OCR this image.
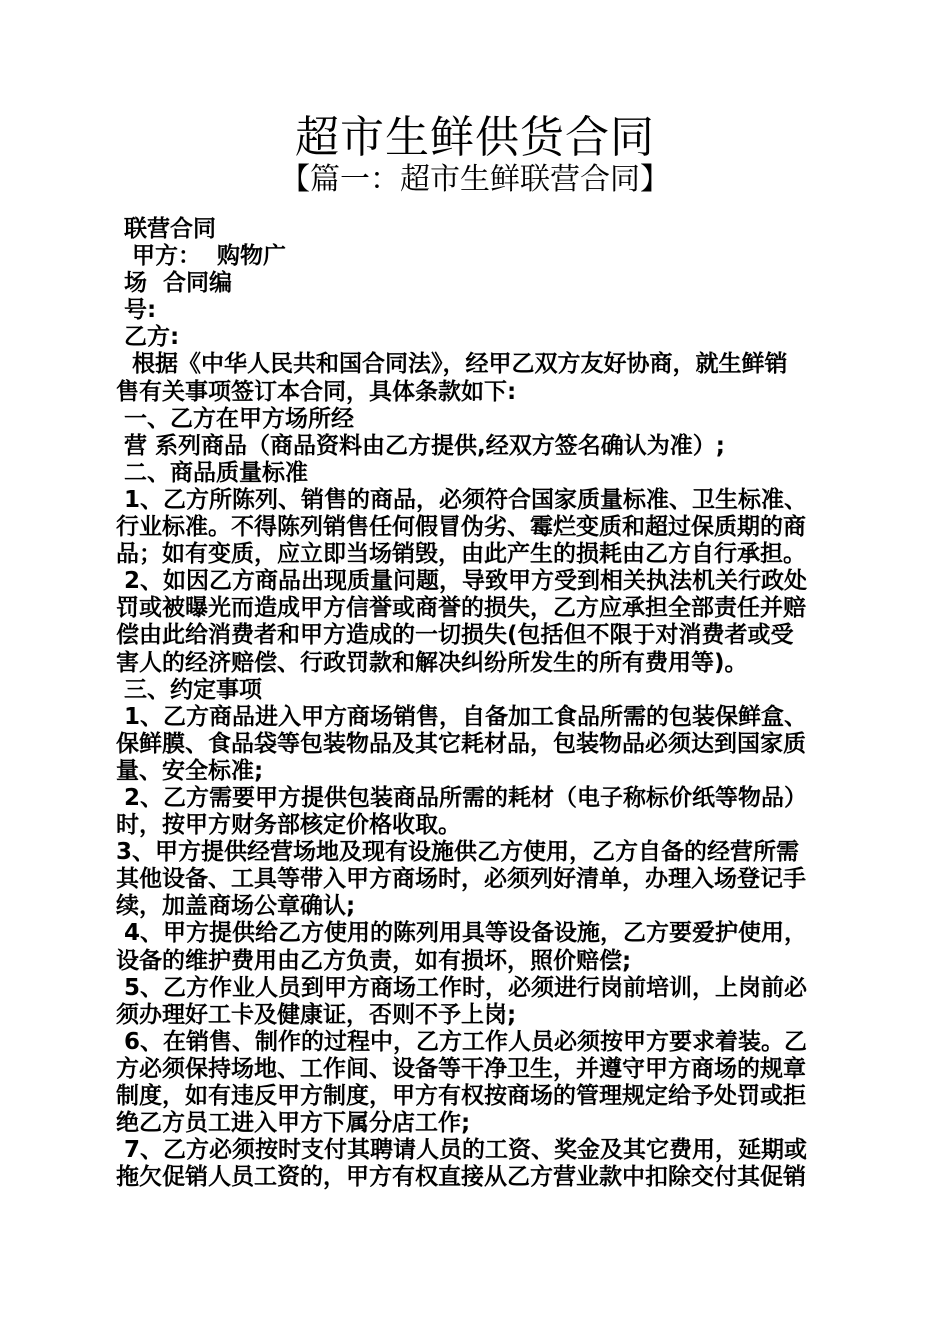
超市生鲜供货合同
【篇一：超市生鲜联营合同】
联营合同
甲方：  购物广
场  合同编
号:
乙方:
根据《中华人民共和国合同法》，经甲乙双方友好协商，就生鲜销
售有关事项签订本合同，具体条款如下:
一、乙方在甲方场所经
营 系列商品（商品资料由乙方提供,经双方签名确认为准）;
二、商品质量标准
1、乙方所陈列、销售的商品，必须符合国家质量标准、卫生标准、
行业标准。不得陈列销售任何假冒伪劣、霉烂变质和超过保质期的商
品；如有变质，应立即当场销毁，由此产生的损耗由乙方自行承担。
2、如因乙方商品出现质量问题，导致甲方受到相关执法机关行政处
罚或被曝光而造成甲方信誉或商誉的损失，乙方应承担全部责任并赔
偿由此给消费者和甲方造成的一切损失(包括但不限于对消费者或受
害人的经济赔偿、行政罚款和解决纠纷所发生的所有费用等)。
三、约定事项
1、乙方商品进入甲方商场销售，自备加工食品所需的包装保鲜盒、
保鲜膜、食品袋等包装物品及其它耗材品，包装物品必须达到国家质
量、安全标准;
2、乙方需要甲方提供包装商品所需的耗材（电子称标价纸等物品）
时，按甲方财务部核定价格收取。
3、甲方提供经营场地及现有设施供乙方使用，乙方自备的经营所需
其他设备、工具等带入甲方商场时，必须列好清单，办理入场登记手
续，加盖商场公章确认;
4、甲方提供给乙方使用的陈列用具等设备设施，乙方要爱护使用，
设备的维护费用由乙方负责，如有损坏，照价赔偿;
5、乙方作业人员到甲方商场工作时，必须进行岗前培训，上岗前必
须办理好工卡及健康证，否则不予上岗;
6、在销售、制作的过程中，乙方工作人员必须按甲方要求着装。乙
方必须保持场地、工作间、设备等干净卫生，并遵守甲方商场的规章
制度，如有违反甲方制度，甲方有权按商场的管理规定给予处罚或拒
绝乙方员工进入甲方下属分店工作;
7、乙方必须按时支付其聘请人员的工资、奖金及其它费用，延期或
拖欠促销人员工资的，甲方有权直接从乙方营业款中扣除交付其促销
